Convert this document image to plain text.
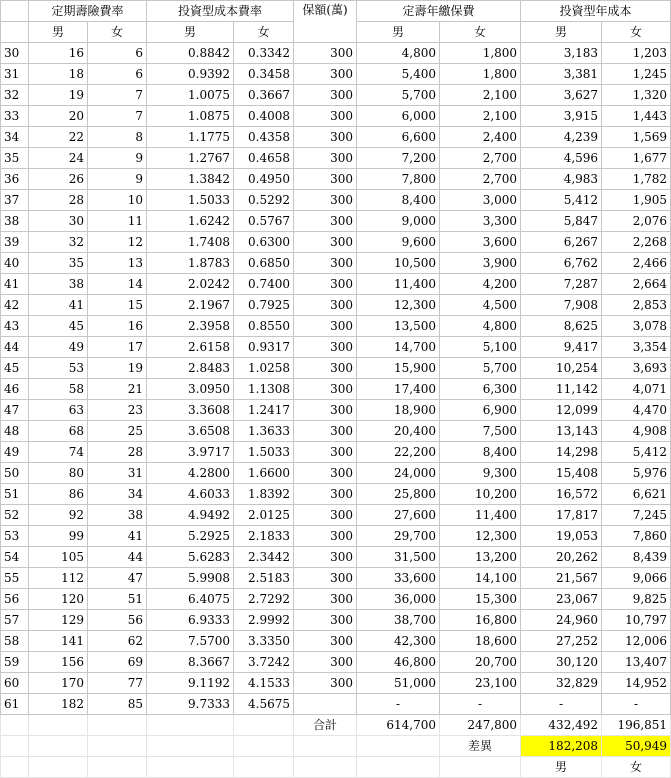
	定期壽險費率		投資型成本費率		保額(萬)	定壽年繳保費		投資型年成本	
	男	女	男	女		男	女	男	女
30	16	6	0.8842	0.3342	300	4,800	1,800	3,183	1,203
31	18	6	0.9392	0.3458	300	5,400	1,800	3,381	1,245
32	19	7	1.0075	0.3667	300	5,700	2,100	3,627	1,320
33	20	7	1.0875	0.4008	300	6,000	2,100	3,915	1,443
34	22	8	1.1775	0.4358	300	6,600	2,400	4,239	1,569
35	24	9	1.2767	0.4658	300	7,200	2,700	4,596	1,677
36	26	9	1.3842	0.4950	300	7,800	2,700	4,983	1,782
37	28	10	1.5033	0.5292	300	8,400	3,000	5,412	1,905
38	30	11	1.6242	0.5767	300	9,000	3,300	5,847	2,076
39	32	12	1.7408	0.6300	300	9,600	3,600	6,267	2,268
40	35	13	1.8783	0.6850	300	10,500	3,900	6,762	2,466
41	38	14	2.0242	0.7400	300	11,400	4,200	7,287	2,664
42	41	15	2.1967	0.7925	300	12,300	4,500	7,908	2,853
43	45	16	2.3958	0.8550	300	13,500	4,800	8,625	3,078
44	49	17	2.6158	0.9317	300	14,700	5,100	9,417	3,354
45	53	19	2.8483	1.0258	300	15,900	5,700	10,254	3,693
46	58	21	3.0950	1.1308	300	17,400	6,300	11,142	4,071
47	63	23	3.3608	1.2417	300	18,900	6,900	12,099	4,470
48	68	25	3.6508	1.3633	300	20,400	7,500	13,143	4,908
49	74	28	3.9717	1.5033	300	22,200	8,400	14,298	5,412
50	80	31	4.2800	1.6600	300	24,000	9,300	15,408	5,976
51	86	34	4.6033	1.8392	300	25,800	10,200	16,572	6,621
52	92	38	4.9492	2.0125	300	27,600	11,400	17,817	7,245
53	99	41	5.2925	2.1833	300	29,700	12,300	19,053	7,860
54	105	44	5.6283	2.3442	300	31,500	13,200	20,262	8,439
55	112	47	5.9908	2.5183	300	33,600	14,100	21,567	9,066
56	120	51	6.4075	2.7292	300	36,000	15,300	23,067	9,825
57	129	56	6.9333	2.9992	300	38,700	16,800	24,960	10,797
58	141	62	7.5700	3.3350	300	42,300	18,600	27,252	12,006
59	156	69	8.3667	3.7242	300	46,800	20,700	30,120	13,407
60	170	77	9.1192	4.1533	300	51,000	23,100	32,829	14,952
61	182	85	9.7333	4.5675		-	-	-	-
					合計	614,700	247,800	432,492	196,851
							差異	182,208	50,949
								男	女
